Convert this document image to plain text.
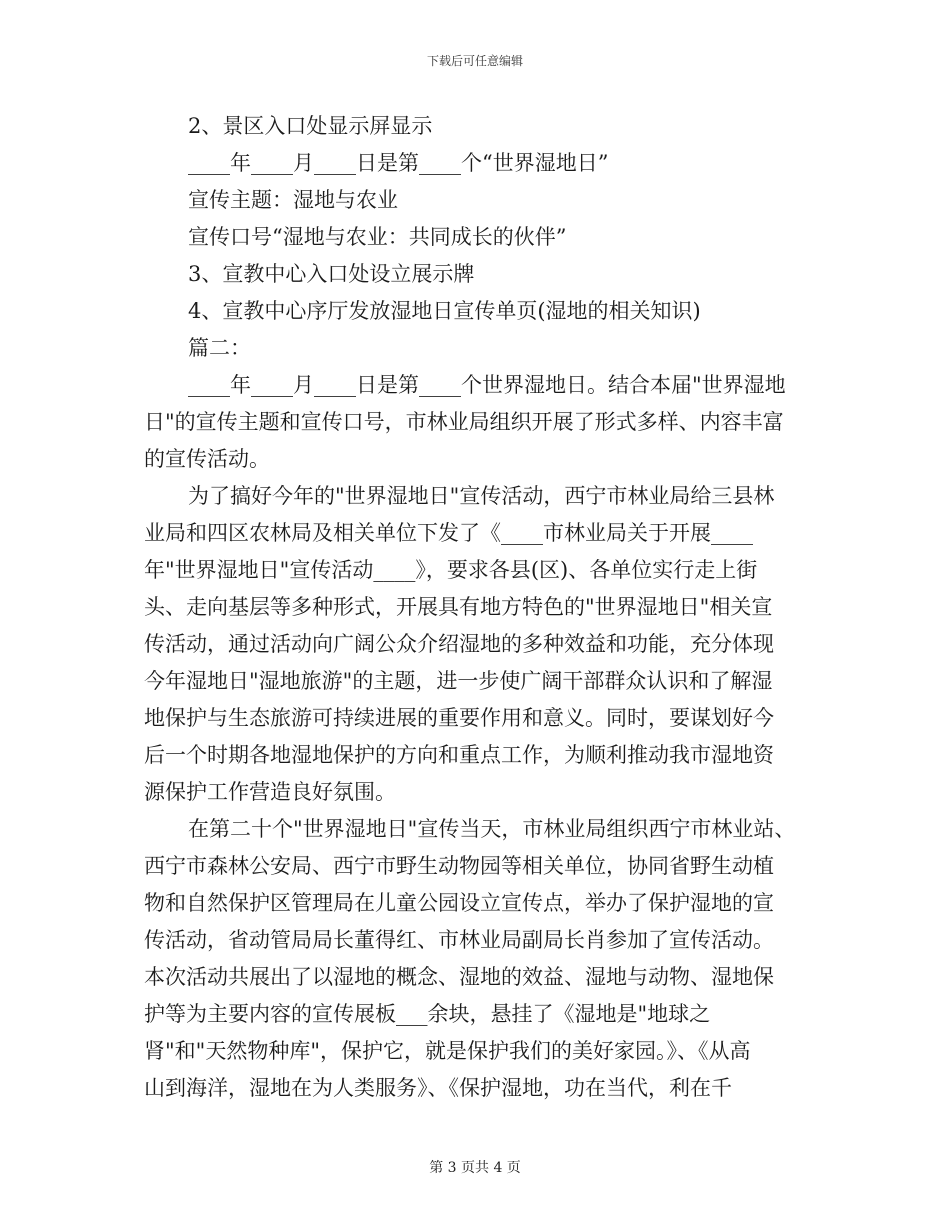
下载后可任意编辑
2、景区入口处显示屏显示
____年____月____日是第____个“世界湿地日”
宣传主题：湿地与农业
宣传口号“湿地与农业：共同成长的伙伴”
3、宣教中心入口处设立展示牌
4、宣教中心序厅发放湿地日宣传单页(湿地的相关知识)
篇二：
____年____月____日是第____个世界湿地日。结合本届"世界湿地
日"的宣传主题和宣传口号，市林业局组织开展了形式多样、内容丰富
的宣传活动。
为了搞好今年的"世界湿地日"宣传活动，西宁市林业局给三县林
业局和四区农林局及相关单位下发了《____市林业局关于开展____
年"世界湿地日"宣传活动____》，要求各县(区)、各单位实行走上街
头、走向基层等多种形式，开展具有地方特色的"世界湿地日"相关宣
传活动，通过活动向广阔公众介绍湿地的多种效益和功能，充分体现
今年湿地日"湿地旅游"的主题，进一步使广阔干部群众认识和了解湿
地保护与生态旅游可持续进展的重要作用和意义。同时，要谋划好今
后一个时期各地湿地保护的方向和重点工作，为顺利推动我市湿地资
源保护工作营造良好氛围。
在第二十个"世界湿地日"宣传当天，市林业局组织西宁市林业站、
西宁市森林公安局、西宁市野生动物园等相关单位，协同省野生动植
物和自然保护区管理局在儿童公园设立宣传点，举办了保护湿地的宣
传活动，省动管局局长董得红、市林业局副局长肖参加了宣传活动。
本次活动共展出了以湿地的概念、湿地的效益、湿地与动物、湿地保
护等为主要内容的宣传展板___余块，悬挂了《湿地是"地球之
肾"和"天然物种库"，保护它，就是保护我们的美好家园。》、《从高
山到海洋，湿地在为人类服务》、《保护湿地，功在当代，利在千
第 3 页共 4 页
